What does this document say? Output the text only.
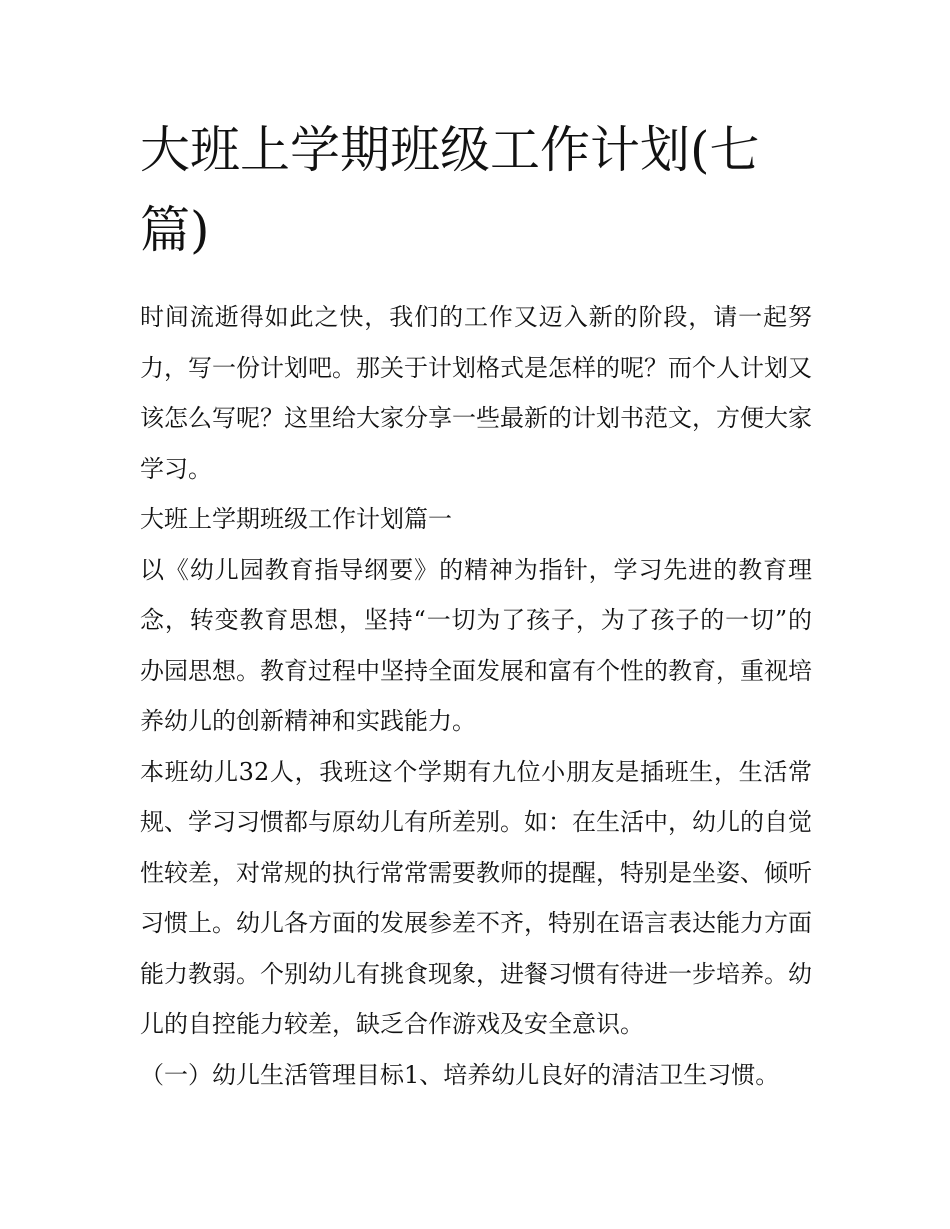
大班上学期班级工作计划(七篇)

时间流逝得如此之快，我们的工作又迈入新的阶段，请一起努力，写一份计划吧。那关于计划格式是怎样的呢？而个人计划又该怎么写呢？这里给大家分享一些最新的计划书范文，方便大家学习。

大班上学期班级工作计划篇一

以《幼儿园教育指导纲要》的精神为指针，学习先进的教育理念，转变教育思想，坚持“一切为了孩子，为了孩子的一切”的办园思想。教育过程中坚持全面发展和富有个性的教育，重视培养幼儿的创新精神和实践能力。

本班幼儿32人，我班这个学期有九位小朋友是插班生，生活常规、学习习惯都与原幼儿有所差别。如：在生活中，幼儿的自觉性较差，对常规的执行常常需要教师的提醒，特别是坐姿、倾听习惯上。幼儿各方面的发展参差不齐，特别在语言表达能力方面能力教弱。个别幼儿有挑食现象，进餐习惯有待进一步培养。幼儿的自控能力较差，缺乏合作游戏及安全意识。

（一）幼儿生活管理目标1、培养幼儿良好的清洁卫生习惯。
